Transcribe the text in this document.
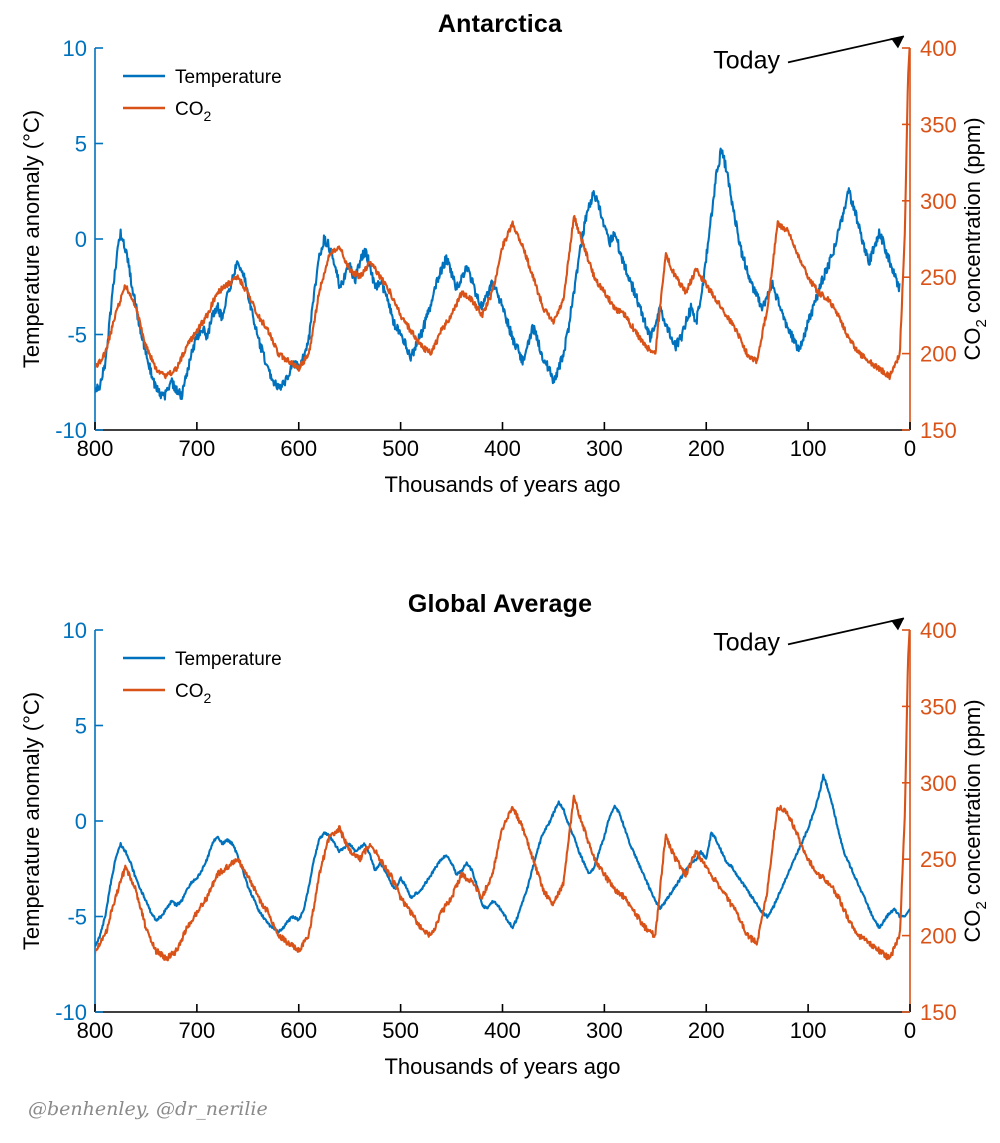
Antarctica
800	700	600	500	400	300	200	100	0
-10
-5
0
5
10
150
200
250
300
350
400
Temperature
$CO_2$
Today
Thousands of years ago
Temperature anomaly (°C)	$CO_2$ concentration (ppm)
Global Average
800	700	600	500	400	300	200	100	0
-10
-5
0
5
10
150
200
250
300
350
400
Temperature
$CO_2$
Today
Thousands of years ago
Temperature anomaly (°C)	$CO_2$ concentration (ppm)
@benhenley, @dr_nerilie
